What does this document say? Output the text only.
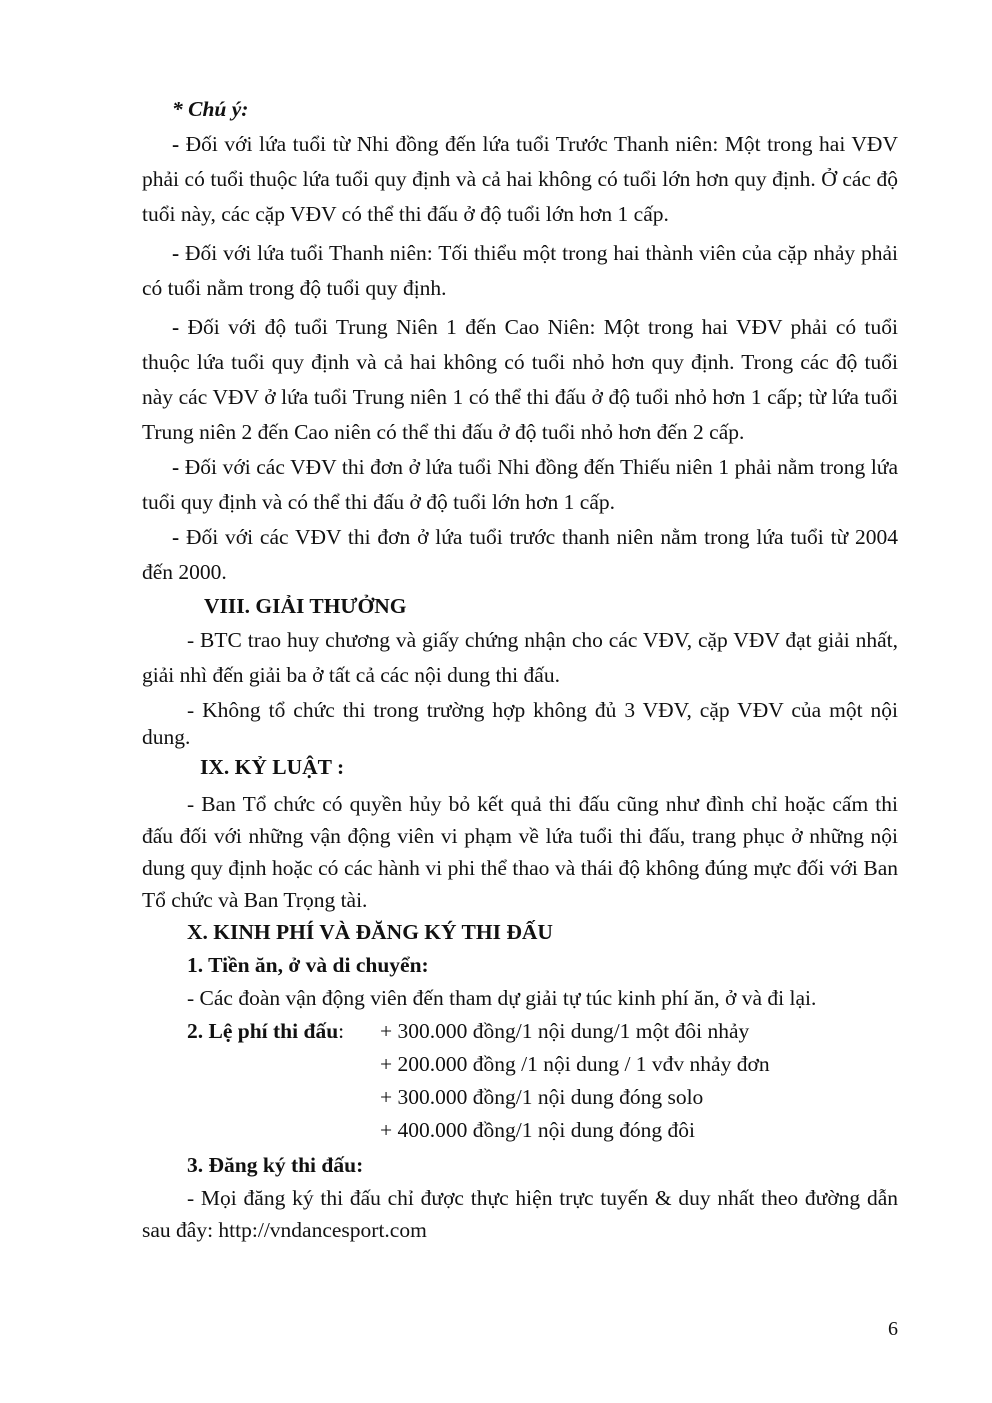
* Chú ý:

- Đối với lứa tuổi từ Nhi đồng đến lứa tuổi Trước Thanh niên: Một trong hai VĐV phải có tuổi thuộc lứa tuổi quy định và cả hai không có tuổi lớn hơn quy định. Ở các độ tuổi này, các cặp VĐV có thể thi đấu ở độ tuổi lớn hơn 1 cấp.

- Đối với lứa tuổi Thanh niên: Tối thiểu một trong hai thành viên của cặp nhảy phải có tuổi nằm trong độ tuổi quy định.

- Đối với độ tuổi Trung Niên 1 đến Cao Niên: Một trong hai VĐV phải có tuổi thuộc lứa tuổi quy định và cả hai không có tuổi nhỏ hơn quy định. Trong các độ tuổi này các VĐV ở lứa tuổi Trung niên 1 có thể thi đấu ở độ tuổi nhỏ hơn 1 cấp; từ lứa tuổi Trung niên 2 đến Cao niên có thể thi đấu ở độ tuổi nhỏ hơn đến 2 cấp.

- Đối với các VĐV thi đơn ở lứa tuổi Nhi đồng đến Thiếu niên 1 phải nằm trong lứa tuổi quy định và có thể thi đấu ở độ tuổi lớn hơn 1 cấp.

- Đối với các VĐV thi đơn ở lứa tuổi trước thanh niên nằm trong lứa tuổi từ 2004 đến 2000.

VIII. GIẢI THƯỞNG

- BTC trao huy chương và giấy chứng nhận cho các VĐV, cặp VĐV đạt giải nhất, giải nhì đến giải ba ở tất cả các nội dung thi đấu.

- Không tổ chức thi trong trường hợp không đủ 3 VĐV, cặp VĐV của một nội dung.

IX. KỶ LUẬT :

- Ban Tổ chức có quyền hủy bỏ kết quả thi đấu cũng như đình chỉ hoặc cấm thi đấu đối với những vận động viên vi phạm về lứa tuổi thi đấu, trang phục ở những nội dung quy định hoặc có các hành vi phi thể thao và thái độ không đúng mực đối với Ban Tổ chức và Ban Trọng tài.

X. KINH PHÍ VÀ ĐĂNG KÝ THI ĐẤU
1. Tiền ăn, ở và di chuyển:

- Các đoàn vận động viên đến tham dự giải tự túc kinh phí ăn, ở và đi lại.

2. Lệ phí thi đấu:	+ 300.000 đồng/1 nội dung/1 một đôi nhảy
+ 200.000 đồng /1 nội dung / 1 vđv nhảy đơn
+ 300.000 đồng/1 nội dung đóng solo
+ 400.000 đồng/1 nội dung đóng đôi
3. Đăng ký thi đấu:

- Mọi đăng ký thi đấu chỉ được thực hiện trực tuyến & duy nhất theo đường dẫn sau đây: http://vndancesport.com

6
